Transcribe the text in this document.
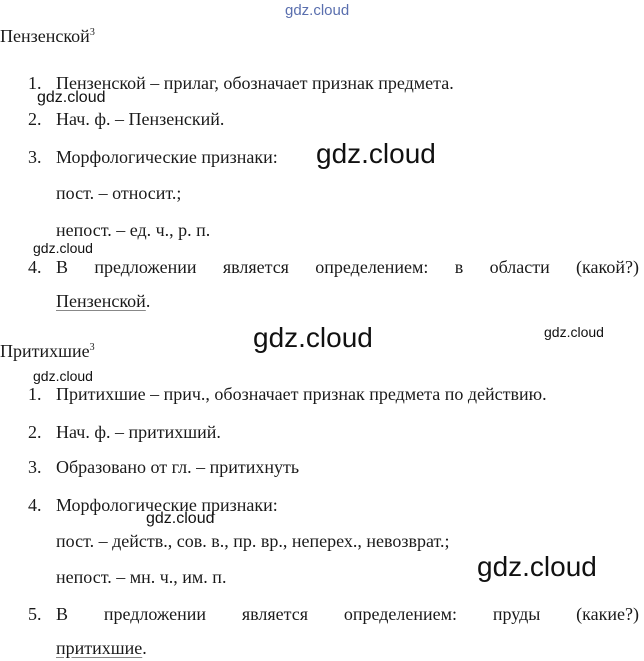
gdz.cloud
gdz.cloud
gdz.cloud
gdz.cloud
gdz.cloud	gdz.cloud
gdz.cloud
gdz.cloud
gdz.cloud
Пензенской$^3$
1. Пензенской – прилаг, обозначает признак предмета.
2. Нач. ф. – Пензенский.
3. Морфологические признаки:
пост. – относит.;
непост. – ед. ч., р. п.
4. В предложении является определением: в области (какой?)
Пензенской.
Притихшие$^3$
1. Притихшие – прич., обозначает признак предмета по действию.
2. Нач. ф. – притихший.
3. Образовано от гл. – притихнуть
4. Морфологические признаки:
пост. – действ., сов. в., пр. вр., неперех., невозврат.;
непост. – мн. ч., им. п.
5. В предложении является определением: пруды (какие?)
притихшие.
